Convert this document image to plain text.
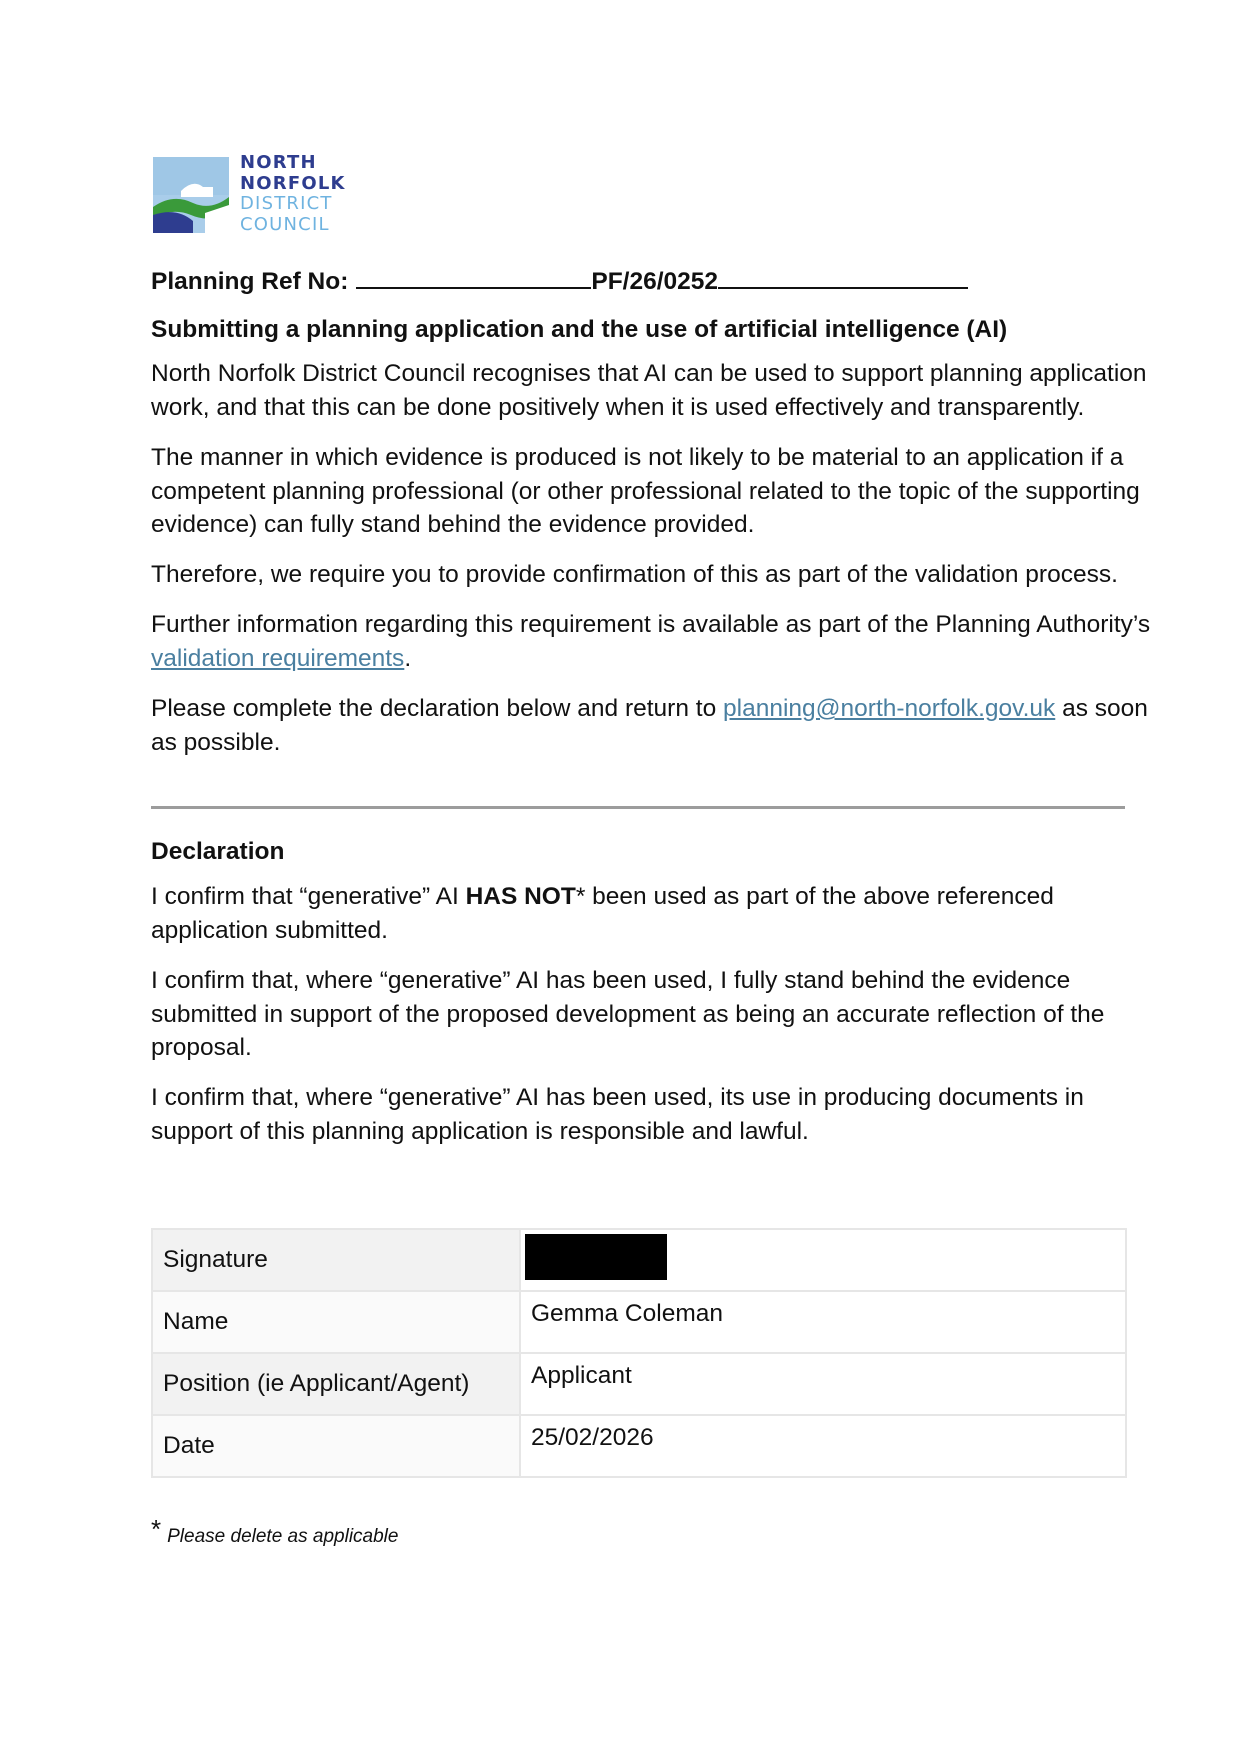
NORTH
NORFOLK
DISTRICT
COUNCIL
Planning Ref No:	PF/26/0252
Submitting a planning application and the use of artificial intelligence (AI)
North Norfolk District Council recognises that AI can be used to support planning application work, and that this can be done positively when it is used effectively and transparently.
The manner in which evidence is produced is not likely to be material to an application if a competent planning professional (or other professional related to the topic of the supporting evidence) can fully stand behind the evidence provided.
Therefore, we require you to provide confirmation of this as part of the validation process.
Further information regarding this requirement is available as part of the Planning Authority’s validation requirements.
Please complete the declaration below and return to planning@north-norfolk.gov.uk as soon as possible.
Declaration
I confirm that “generative” AI HAS NOT* been used as part of the above referenced application submitted.
I confirm that, where “generative” AI has been used, I fully stand behind the evidence submitted in support of the proposed development as being an accurate reflection of the proposal.
I confirm that, where “generative” AI has been used, its use in producing documents in support of this planning application is responsible and lawful.
Signature	

Name	Gemma Coleman
Position (ie Applicant/Agent)	Applicant
Date	25/02/2026
* Please delete as applicable
